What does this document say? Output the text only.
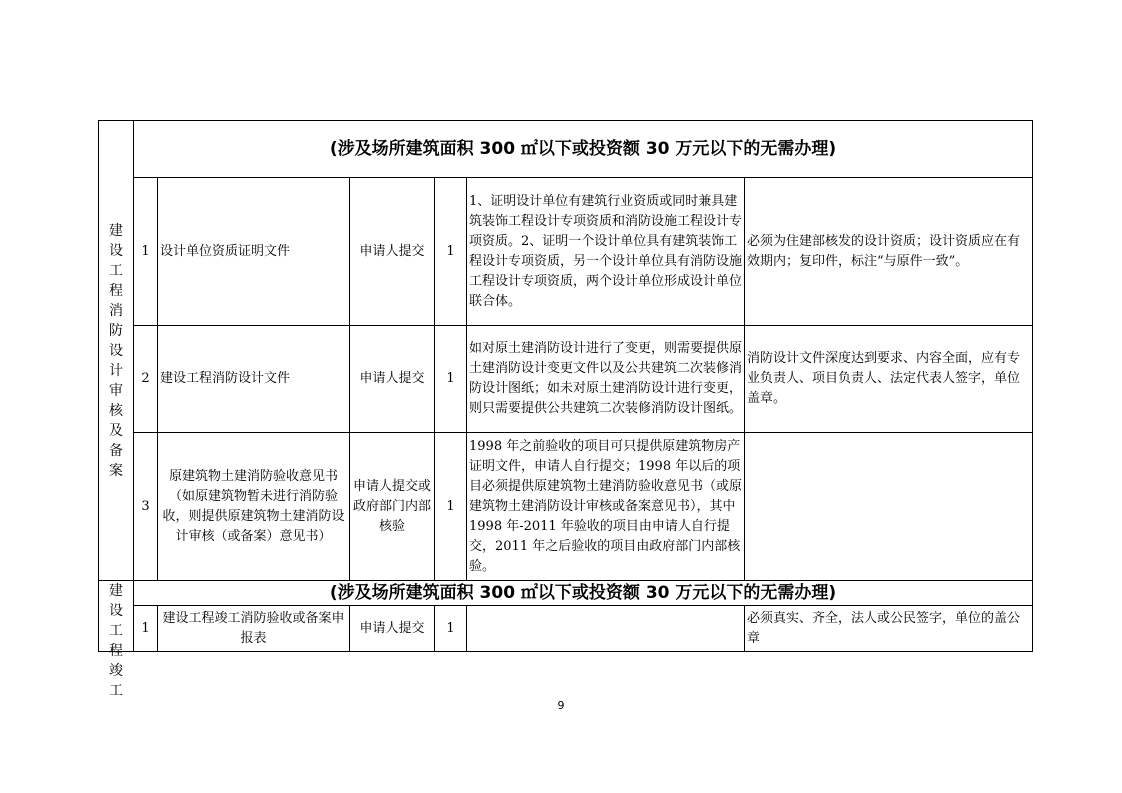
建设工程消防设计审核及备案	(涉及场所建筑面积 300 ㎡以下或投资额 30 万元以下的无需办理)					
	1	设计单位资质证明文件	申请人提交	1	1、证明设计单位有建筑行业资质或同时兼具建筑装饰工程设计专项资质和消防设施工程设计专项资质。2、证明一个设计单位具有建筑装饰工程设计专项资质，另一个设计单位具有消防设施工程设计专项资质，两个设计单位形成设计单位联合体。	必须为住建部核发的设计资质；设计资质应在有效期内；复印件，标注“与原件一致”。
	2	建设工程消防设计文件	申请人提交	1	如对原土建消防设计进行了变更，则需要提供原土建消防设计变更文件以及公共建筑二次装修消防设计图纸；如未对原土建消防设计进行变更，则只需要提供公共建筑二次装修消防设计图纸。	消防设计文件深度达到要求、内容全面，应有专业负责人、项目负责人、法定代表人签字，单位盖章。
	3	原建筑物土建消防验收意见书（如原建筑物暂未进行消防验收，则提供原建筑物土建消防设计审核（或备案）意见书）	申请人提交或政府部门内部核验	1	1998 年之前验收的项目可只提供原建筑物房产证明文件，申请人自行提交；1998 年以后的项目必须提供原建筑物土建消防验收意见书（或原建筑物土建消防设计审核或备案意见书），其中 1998 年-2011 年验收的项目由申请人自行提交，2011 年之后验收的项目由政府部门内部核验。	

建设工程竣工	(涉及场所建筑面积 300 ㎡以下或投资额 30 万元以下的无需办理)					
	1	建设工程竣工消防验收或备案申报表	申请人提交	1		必须真实、齐全，法人或公民签字，单位的盖公章
9
